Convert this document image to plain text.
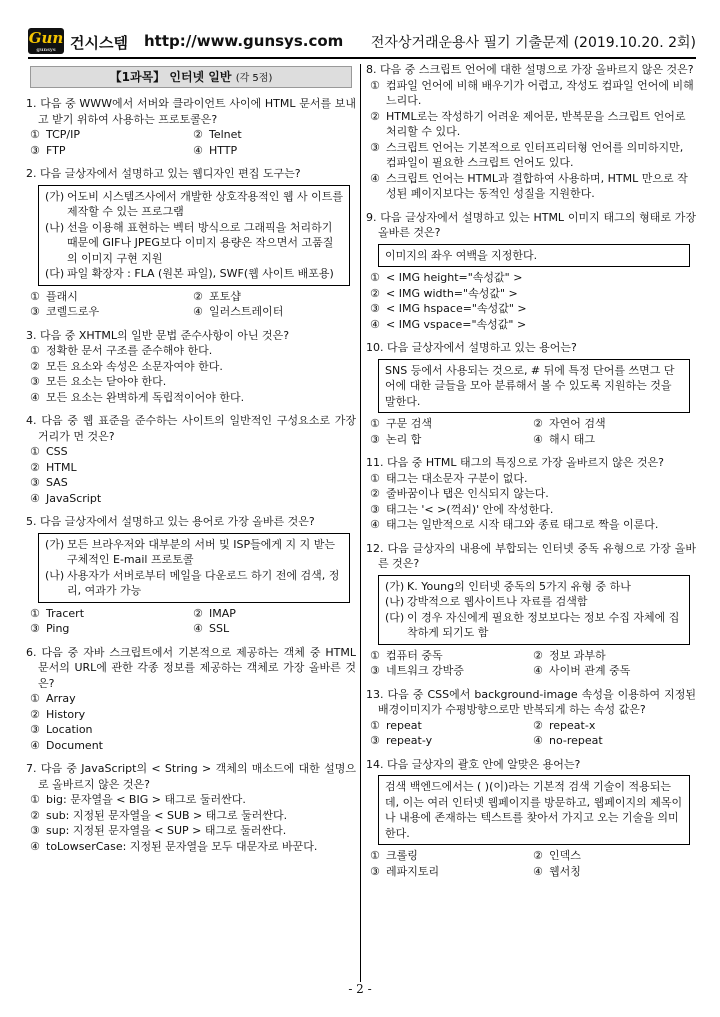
Gun
gunsys 건시스템 http://www.gunsys.com 전자상거래운용사 필기 기출문제 (2019.10.20. 2회)
【1과목】 인터넷 일반 (각 5점)
1. 다음 중 WWW에서 서버와 클라이언트 사이에 HTML 문서를 보내고 받기 위하여 사용하는 프로토콜은?
① TCP/IP	② Telnet
③ FTP	④ HTTP
2. 다음 글상자에서 설명하고 있는 웹디자인 편집 도구는?
(가) 어도비 시스템즈사에서 개발한 상호작용적인 웹 사 이트를 제작할 수 있는 프로그램
(나) 선을 이용해 표현하는 벡터 방식으로 그래픽을 처리하기 때문에 GIF나 JPEG보다 이미지 용량은 작으면서 고품질의 이미지 구현 지원
(다) 파일 확장자 : FLA (원본 파일), SWF(웹 사이트 배포용)
① 플래시	② 포토샵
③ 코렐드로우	④ 일러스트레이터
3. 다음 중 XHTML의 일반 문법 준수사항이 아닌 것은?
① 정확한 문서 구조를 준수해야 한다.
② 모든 요소와 속성은 소문자여야 한다.
③ 모든 요소는 닫아야 한다.
④ 모든 요소는 완벽하게 독립적이어야 한다.
4. 다음 중 웹 표준을 준수하는 사이트의 일반적인 구성요소로 가장 거리가 먼 것은?
① CSS
② HTML
③ SAS
④ JavaScript
5. 다음 글상자에서 설명하고 있는 용어로 가장 올바른 것은?
(가) 모든 브라우저와 대부분의 서버 및 ISP들에게 지 지 받는 구체적인 E-mail 프로토콜
(나) 사용자가 서버로부터 메일을 다운로드 하기 전에 검색, 정리, 여과가 가능
① Tracert	② IMAP
③ Ping	④ SSL
6. 다음 중 자바 스크립트에서 기본적으로 제공하는 객체 중 HTML 문서의 URL에 관한 각종 정보를 제공하는 객체로 가장 올바른 것은?
① Array
② History
③ Location
④ Document
7. 다음 중 JavaScript의 < String > 객체의 매소드에 대한 설명으로 올바르지 않은 것은?
① big: 문자열을 < BIG > 태그로 둘러싼다.
② sub: 지정된 문자열을 < SUB > 태그로 둘러싼다.
③ sup: 지정된 문자열을 < SUP > 태그로 둘러싼다.
④ toLowserCase: 지정된 문자열을 모두 대문자로 바꾼다.
8. 다음 중 스크립트 언어에 대한 설명으로 가장 올바르지 않은 것은?
① 컴파일 언어에 비해 배우기가 어렵고, 작성도 컴파일 언어에 비해 느리다.
② HTML로는 작성하기 어려운 제어문, 반복문을 스크립트 언어로 처리할 수 있다.
③ 스크립트 언어는 기본적으로 인터프리터형 언어를 의미하지만, 컴파일이 필요한 스크립트 언어도 있다.
④ 스크립트 언어는 HTML과 결합하여 사용하며, HTML 만으로 작성된 페이지보다는 동적인 성질을 지원한다.
9. 다음 글상자에서 설명하고 있는 HTML 이미지 태그의 형태로 가장 올바른 것은?
이미지의 좌우 여백을 지정한다.
① < IMG height="속성값" >
② < IMG width="속성값" >
③ < IMG hspace="속성값" >
④ < IMG vspace="속성값" >
10. 다음 글상자에서 설명하고 있는 용어는?
SNS 등에서 사용되는 것으로, # 뒤에 특정 단어를 쓰면그 단어에 대한 글들을 모아 분류해서 볼 수 있도록 지원하는 것을 말한다.
① 구문 검색	② 자연어 검색
③ 논리 합	④ 해시 태그
11. 다음 중 HTML 태그의 특징으로 가장 올바르지 않은 것은?
① 태그는 대소문자 구분이 없다.
② 줄바꿈이나 탭은 인식되지 않는다.
③ 태그는 '< >(꺽쇠)' 안에 작성한다.
④ 태그는 일반적으로 시작 태그와 종료 태그로 짝을 이룬다.
12. 다음 글상자의 내용에 부합되는 인터넷 중독 유형으로 가장 올바른 것은?
(가) K. Young의 인터넷 중독의 5가지 유형 중 하나
(나) 강박적으로 웹사이트나 자료를 검색함
(다) 이 경우 자신에게 필요한 정보보다는 정보 수집 자체에 집착하게 되기도 함
① 컴퓨터 중독	② 정보 과부하
③ 네트워크 강박증	④ 사이버 관계 중독
13. 다음 중 CSS에서 background-image 속성을 이용하여 지정된 배경이미지가 수평방향으로만 반복되게 하는 속성 값은?
① repeat	② repeat-x
③ repeat-y	④ no-repeat
14. 다음 글상자의 괄호 안에 알맞은 용어는?
검색 백엔드에서는 ( )(이)라는 기본적 검색 기술이 적용되는데, 이는 여러 인터넷 웹페이지를 방문하고, 웹페이지의 제목이나 내용에 존재하는 텍스트를 찾아서 가지고 오는 기술을 의미한다.
① 크롤링	② 인덱스
③ 레파지토리	④ 웹서칭
- 2 -
